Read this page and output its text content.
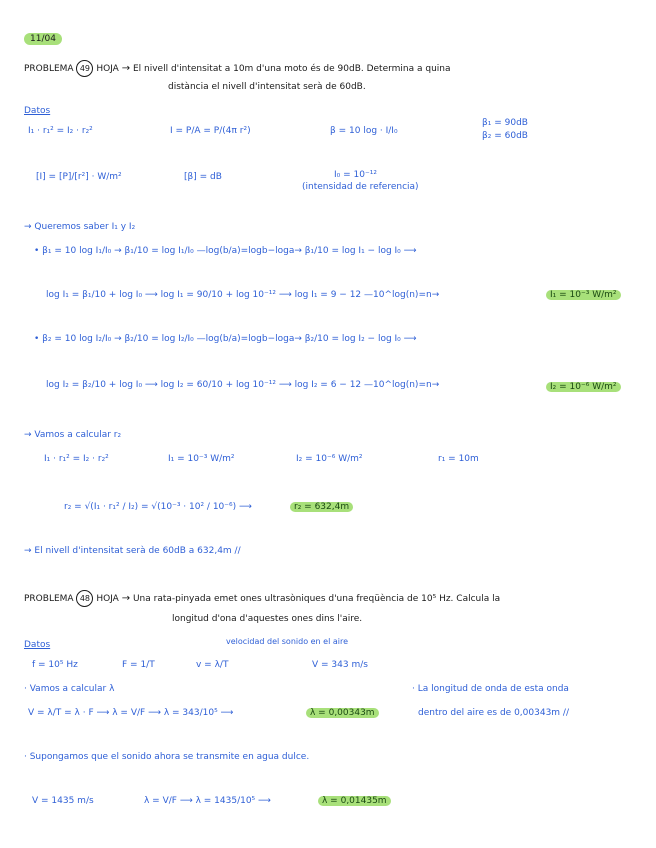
11/04
PROBLEMA 49 HOJA → El nivell d'intensitat a 10m d'una moto és de 90dB. Determina a quina
distància el nivell d'intensitat serà de 60dB.
Datos
I₁ · r₁² = I₂ · r₂²	I = P/A = P/(4π r²)	β = 10 log · I/I₀
β₁ = 90dB
β₂ = 60dB
[I] = [P]/[r²] · W/m²	[β] = dB	I₀ = 10⁻¹²
(intensidad de referencia)
→ Queremos saber I₁ y I₂
• β₁ = 10 log I₁/I₀ → β₁/10 = log I₁/I₀ —log(b/a)=logb−loga→ β₁/10 = log I₁ − log I₀ ⟶
log I₁ = β₁/10 + log I₀ ⟶ log I₁ = 90/10 + log 10⁻¹² ⟶ log I₁ = 9 − 12 —10^log(n)=n→	I₁ = 10⁻³ W/m²
• β₂ = 10 log I₂/I₀ → β₂/10 = log I₂/I₀ —log(b/a)=logb−loga→ β₂/10 = log I₂ − log I₀ ⟶
log I₂ = β₂/10 + log I₀ ⟶ log I₂ = 60/10 + log 10⁻¹² ⟶ log I₂ = 6 − 12 —10^log(n)=n→	I₂ = 10⁻⁶ W/m²
→ Vamos a calcular r₂
I₁ · r₁² = I₂ · r₂²	I₁ = 10⁻³ W/m²	I₂ = 10⁻⁶ W/m²	r₁ = 10m
r₂ = √(I₁ · r₁² / I₂) = √(10⁻³ · 10² / 10⁻⁶) ⟶	r₂ = 632,4m
→ El nivell d'intensitat serà de 60dB a 632,4m //
PROBLEMA 48 HOJA → Una rata-pinyada emet ones ultrasòniques d'una freqüència de 10⁵ Hz. Calcula la
longitud d'ona d'aquestes ones dins l'aire.
Datos	velocidad del sonido en el aire
f = 10⁵ Hz	F = 1/T	v = λ/T	V = 343 m/s
· Vamos a calcular λ
V = λ/T = λ · F ⟶ λ = V/F ⟶ λ = 343/10⁵ ⟶	λ = 0,00343m
· La longitud de onda de esta onda
dentro del aire es de 0,00343m //
· Supongamos que el sonido ahora se transmite en agua dulce.
V = 1435 m/s	λ = V/F ⟶ λ = 1435/10⁵ ⟶	λ = 0,01435m
